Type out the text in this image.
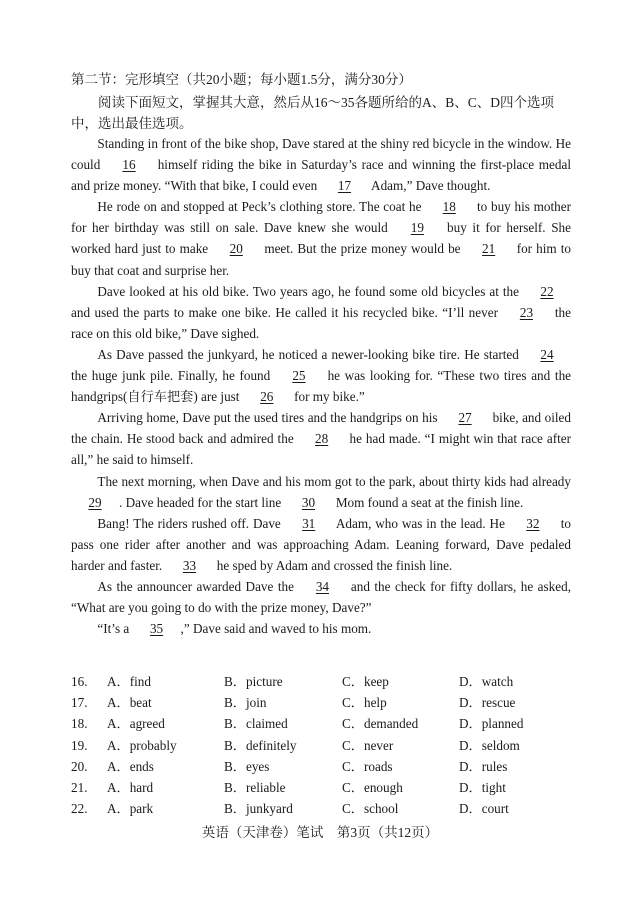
第二节：完形填空（共20小题；每小题1.5分，满分30分）
阅读下面短文，掌握其大意，然后从16～35各题所给的A、B、C、D四个选项中，选出最佳选项。

Standing in front of the bike shop, Dave stared at the shiny red bicycle in the window. He could 16 himself riding the bike in Saturday’s race and winning the first-place medal and prize money. “With that bike, I could even 17 Adam,” Dave thought.

He rode on and stopped at Peck’s clothing store. The coat he 18 to buy his mother for her birthday was still on sale. Dave knew she would 19 buy it for herself. She worked hard just to make 20 meet. But the prize money would be 21 for him to buy that coat and surprise her.

Dave looked at his old bike. Two years ago, he found some old bicycles at the 22 and used the parts to make one bike. He called it his recycled bike. “I’ll never 23 the race on this old bike,” Dave sighed.

As Dave passed the junkyard, he noticed a newer-looking bike tire. He started 24 the huge junk pile. Finally, he found 25 he was looking for. “These two tires and the handgrips(自行车把套) are just 26 for my bike.”

Arriving home, Dave put the used tires and the handgrips on his 27 bike, and oiled the chain. He stood back and admired the 28 he had made. “I might win that race after all,” he said to himself.

The next morning, when Dave and his mom got to the park, about thirty kids had already 29 . Dave headed for the start line 30 Mom found a seat at the finish line.

Bang! The riders rushed off. Dave 31 Adam, who was in the lead. He 32 to pass one rider after another and was approaching Adam. Leaning forward, Dave pedaled harder and faster. 33 he sped by Adam and crossed the finish line.

As the announcer awarded Dave the 34 and the check for fifty dollars, he asked, “What are you going to do with the prize money, Dave?”

“It’s a 35 ,” Dave said and waved to his mom.

16. A．find	B．picture	C．keep	D．watch
17. A．beat	B．join	C．help	D．rescue
18. A．agreed	B．claimed	C．demanded	D．planned
19. A．probably	B．definitely	C．never	D．seldom
20. A．ends	B．eyes	C．roads	D．rules
21. A．hard	B．reliable	C．enough	D．tight
22. A．park	B．junkyard	C．school	D．court
英语（天津卷）笔试　第3页（共12页）
